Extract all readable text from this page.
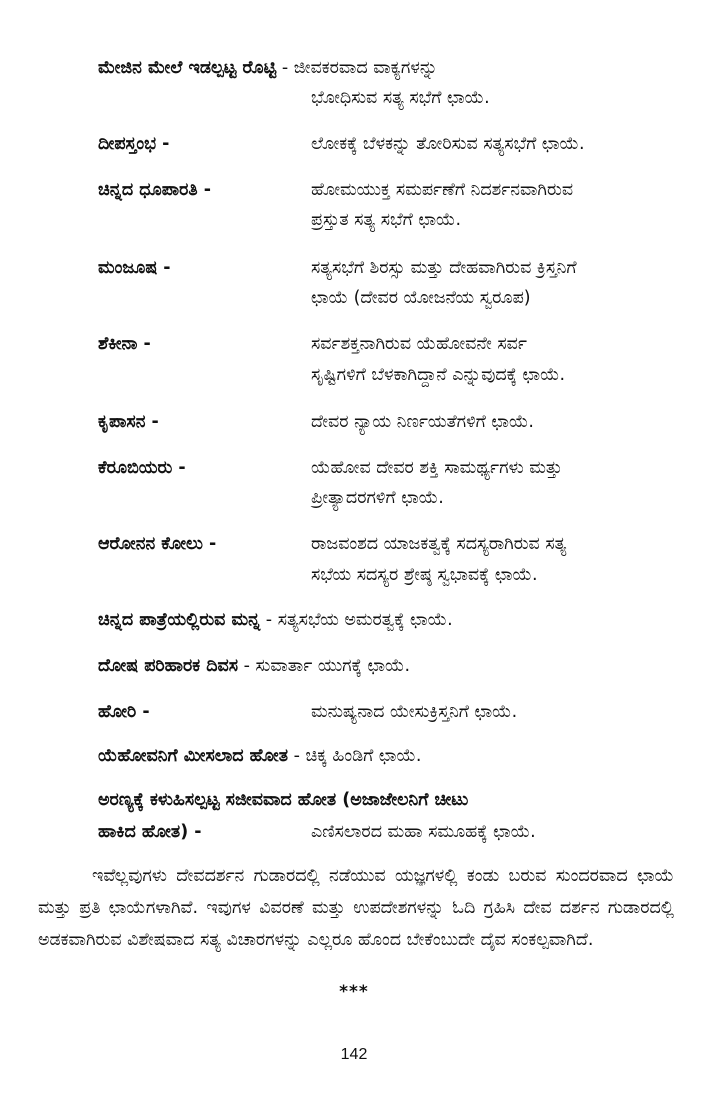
ಮೇಜಿನ ಮೇಲೆ ಇಡಲ್ಪಟ್ಟ ರೊಟ್ಟಿ - ಜೀವಕರವಾದ ವಾಕ್ಯಗಳನ್ನು
ಭೋಧಿಸುವ ಸತ್ಯ ಸಭೆಗೆ ಛಾಯೆ.
ದೀಪಸ್ತಂಭ -	ಲೋಕಕ್ಕೆ ಬೆಳಕನ್ನು ತೋರಿಸುವ ಸತ್ಯಸಭೆಗೆ ಛಾಯೆ.
ಚಿನ್ನದ ಧೂಪಾರತಿ -	ಹೋಮಯುಕ್ತ ಸಮರ್ಪಣೆಗೆ ನಿದರ್ಶನವಾಗಿರುವ
ಪ್ರಸ್ತುತ ಸತ್ಯ ಸಭೆಗೆ ಛಾಯೆ.
ಮಂಜೂಷ -	ಸತ್ಯಸಭೆಗೆ ಶಿರಸ್ಸು ಮತ್ತು ದೇಹವಾಗಿರುವ ಕ್ರಿಸ್ತನಿಗೆ
ಛಾಯೆ (ದೇವರ ಯೋಜನೆಯ ಸ್ವರೂಪ)
ಶೆಕೀನಾ -	ಸರ್ವಶಕ್ತನಾಗಿರುವ ಯೆಹೋವನೇ ಸರ್ವ
ಸೃಷ್ಟಿಗಳಿಗೆ ಬೆಳಕಾಗಿದ್ದಾನೆ ಎನ್ನುವುದಕ್ಕೆ ಛಾಯೆ.
ಕೃಪಾಸನ -	ದೇವರ ನ್ಯಾಯ ನಿರ್ಣಯತೆಗಳಿಗೆ ಛಾಯೆ.
ಕೆರೂಬಿಯರು -	ಯೆಹೋವ ದೇವರ ಶಕ್ತಿ ಸಾಮರ್ಥ್ಯಗಳು ಮತ್ತು
ಪ್ರೀತ್ಯಾದರಗಳಿಗೆ ಛಾಯೆ.
ಆರೋನನ ಕೋಲು -	ರಾಜವಂಶದ ಯಾಜಕತ್ವಕ್ಕೆ ಸದಸ್ಯರಾಗಿರುವ ಸತ್ಯ
ಸಭೆಯ ಸದಸ್ಯರ ಶ್ರೇಷ್ಠ ಸ್ವಭಾವಕ್ಕೆ ಛಾಯೆ.
ಚಿನ್ನದ ಪಾತ್ರೆಯಲ್ಲಿರುವ ಮನ್ನ - ಸತ್ಯಸಭೆಯ ಅಮರತ್ವಕ್ಕೆ ಛಾಯೆ.
ದೋಷ ಪರಿಹಾರಕ ದಿವಸ - ಸುವಾರ್ತಾ ಯುಗಕ್ಕೆ ಛಾಯೆ.
ಹೋರಿ -	ಮನುಷ್ಯನಾದ ಯೇಸುಕ್ರಿಸ್ತನಿಗೆ ಛಾಯೆ.
ಯೆಹೋವನಿಗೆ ಮೀಸಲಾದ ಹೋತ - ಚಿಕ್ಕ ಹಿಂಡಿಗೆ ಛಾಯೆ.
ಅರಣ್ಯಕ್ಕೆ ಕಳುಹಿಸಲ್ಪಟ್ಟ ಸಜೀವವಾದ ಹೋತ (ಅಜಾಜೇಲನಿಗೆ ಚೀಟು
ಹಾಕಿದ ಹೋತ) -	ಎಣಿಸಲಾರದ ಮಹಾ ಸಮೂಹಕ್ಕೆ ಛಾಯೆ.
ಇವೆಲ್ಲವುಗಳು ದೇವದರ್ಶನ ಗುಡಾರದಲ್ಲಿ ನಡೆಯುವ ಯಜ್ಞಗಳಲ್ಲಿ ಕಂಡು ಬರುವ ಸುಂದರವಾದ ಛಾಯೆ ಮತ್ತು ಪ್ರತಿ ಛಾಯೆಗಳಾಗಿವೆ. ಇವುಗಳ ವಿವರಣೆ ಮತ್ತು ಉಪದೇಶಗಳನ್ನು ಓದಿ ಗ್ರಹಿಸಿ ದೇವ ದರ್ಶನ ಗುಡಾರದಲ್ಲಿ ಅಡಕವಾಗಿರುವ ವಿಶೇಷವಾದ ಸತ್ಯ ವಿಚಾರಗಳನ್ನು ಎಲ್ಲರೂ ಹೊಂದ ಬೇಕೆಂಬುದೇ ದೈವ ಸಂಕಲ್ಪವಾಗಿದೆ.
***
142
